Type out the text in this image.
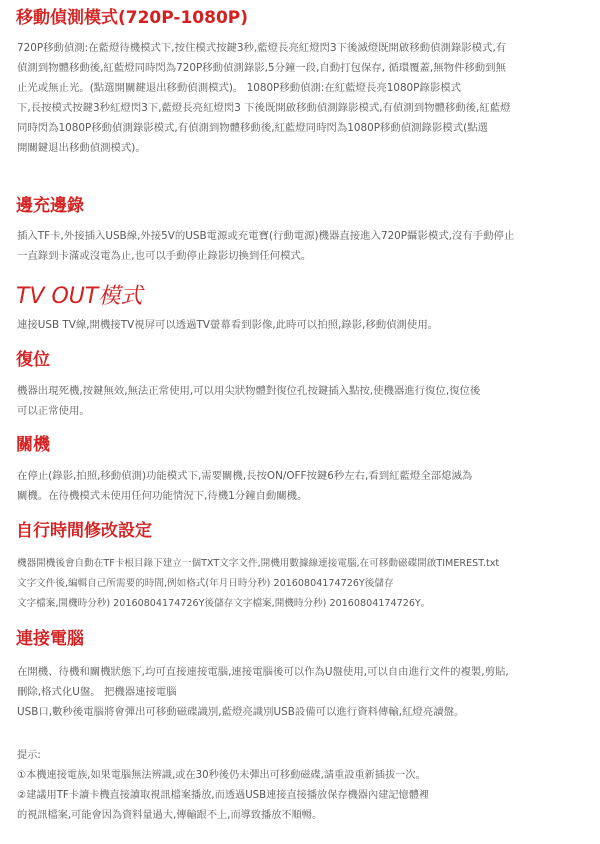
移動偵測模式(720P-1080P)
720P移動偵測:在藍燈待機模式下,按住模式按鍵3秒,藍燈長亮紅燈閃3下後滅燈既開啟移動偵測錄影模式,有
偵測到物體移動後,紅藍燈同時閃為720P移動偵測錄影,5分鐘一段,自動打包保存, 循環覆蓋,無物件移動到無
止光或無止光。(點選開關鍵退出移動偵測模式)。 1080P移動偵測:在紅藍燈長亮1080P錄影模式
下,長按模式按鍵3秒紅燈閃3下,藍燈長亮紅燈閃3 下後既開啟移動偵測錄影模式,有偵測到物體移動後,紅藍燈
同時閃為1080P移動偵測錄影模式,有偵測到物體移動後,紅藍燈同時閃為1080P移動偵測錄影模式(點選
開關鍵退出移動偵測模式)。
邊充邊錄
插入TF卡,外接插入USB線,外接5V的USB電源或充電寶(行動電源)機器直接進入720P攝影模式,沒有手動停止
一直錄到卡滿或沒電為止,也可以手動停止錄影切換到任何模式。
TV OUT模式
連接USB TV線,開機接TV視屏可以透過TV螢幕看到影像,此時可以拍照,錄影,移動偵測使用。
復位
機器出現死機,按鍵無效,無法正常使用,可以用尖狀物體對復位孔按鍵插入點按,使機器進行復位,復位後
可以正常使用。
關機
在停止(錄影,拍照,移動偵測)功能模式下,需要關機,長按ON/OFF按鍵6秒左右,看到紅藍燈全部熄滅為
關機。在待機模式未使用任何功能情況下,待機1分鐘自動關機。
自行時間修改設定
機器開機後會自動在TF卡根目錄下建立一個TXT文字文件,開機用數據線連接電腦,在可移動磁碟開啟TIMEREST.txt
文字文件後,編輯自己所需要的時間,例如格式(年月日時分秒) 20160804174726Y後儲存
文字檔案,開機時分秒) 20160804174726Y後儲存文字檔案,開機時分秒) 20160804174726Y。
連接電腦
在開機、待機和關機狀態下,均可直接連接電腦,連接電腦後可以作為U盤使用,可以自由進行文件的複製,剪貼,
刪除,格式化U盤。 把機器連接電腦
USB口,數秒後電腦將會彈出可移動磁碟識別,藍燈亮識別USB設備可以進行資料傳輸,紅燈亮讀盤。
提示:
①本機連接電族,如果電腦無法辨識,或在30秒後仍未彈出可移動磁碟,請重設重新插拔一次。
②建議用TF卡讀卡機直接讀取視訊檔案播放,而透過USB連接直接播放保存機器內建記憶體裡
的視訊檔案,可能會因為資料量過大,傳輸跟不上,而導致播放不順暢。
